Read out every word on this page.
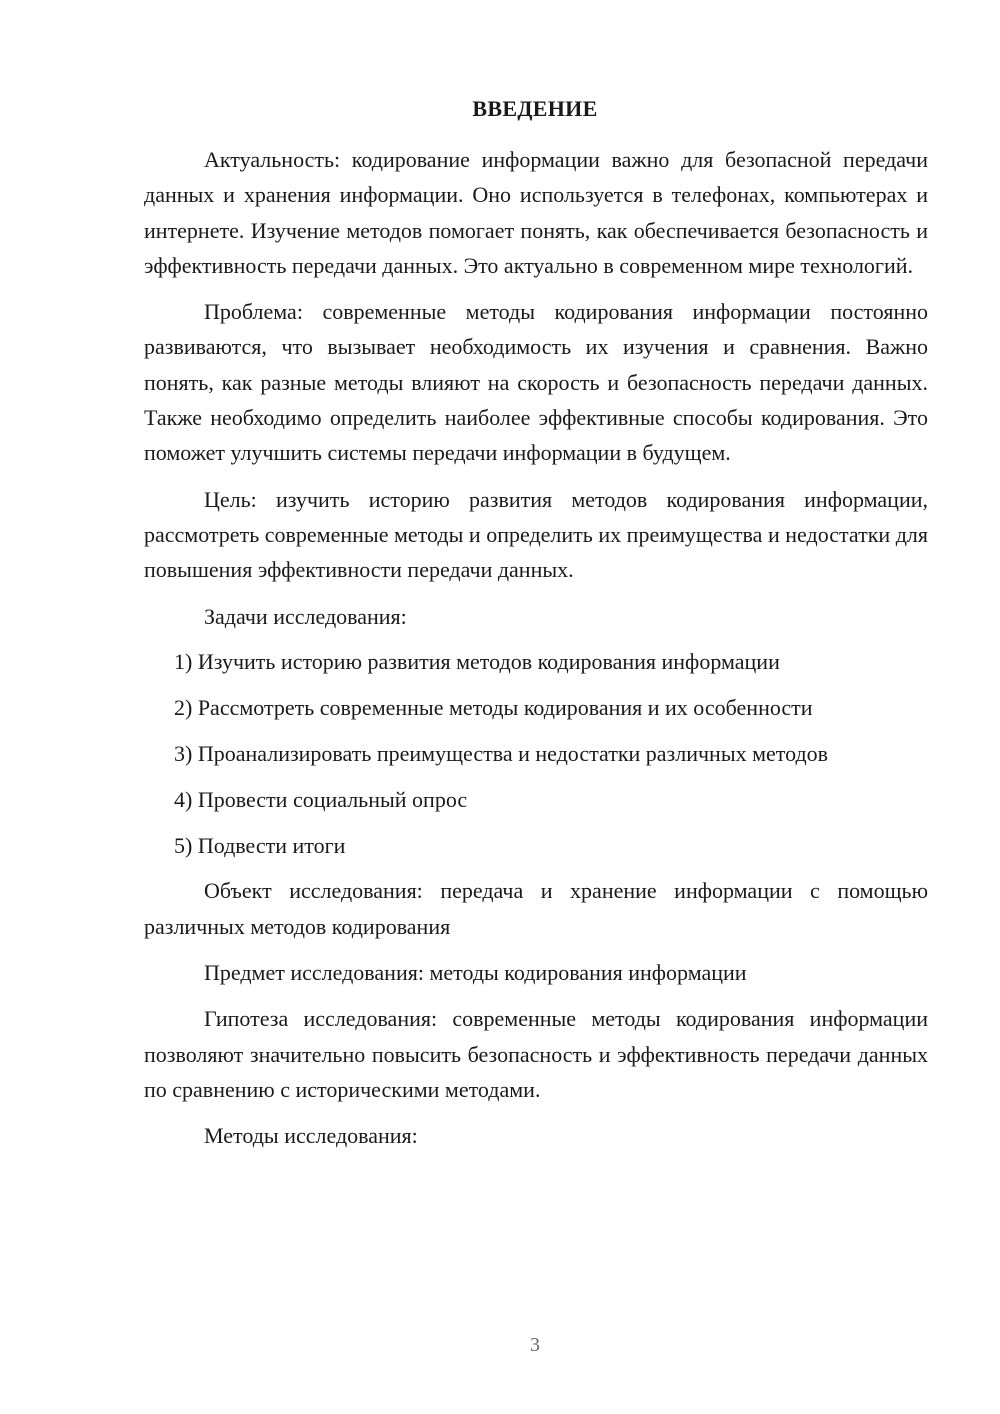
ВВЕДЕНИЕ

Актуальность: кодирование информации важно для безопасной передачи данных и хранения информации. Оно используется в телефонах, компьютерах и интернете. Изучение методов помогает понять, как обеспечивается безопасность и эффективность передачи данных. Это актуально в современном мире технологий.

Проблема: современные методы кодирования информации постоянно развиваются, что вызывает необходимость их изучения и сравнения. Важно понять, как разные методы влияют на скорость и безопасность передачи данных. Также необходимо определить наиболее эффективные способы кодирования. Это поможет улучшить системы передачи информации в будущем.

Цель: изучить историю развития методов кодирования информации, рассмотреть современные методы и определить их преимущества и недостатки для повышения эффективности передачи данных.

Задачи исследования:

1) Изучить историю развития методов кодирования информации

2) Рассмотреть современные методы кодирования и их особенности

3) Проанализировать преимущества и недостатки различных методов

4) Провести социальный опрос

5) Подвести итоги

Объект исследования: передача и хранение информации с помощью различных методов кодирования

Предмет исследования: методы кодирования информации

Гипотеза исследования: современные методы кодирования информации позволяют значительно повысить безопасность и эффективность передачи данных по сравнению с историческими методами.

Методы исследования:

3
